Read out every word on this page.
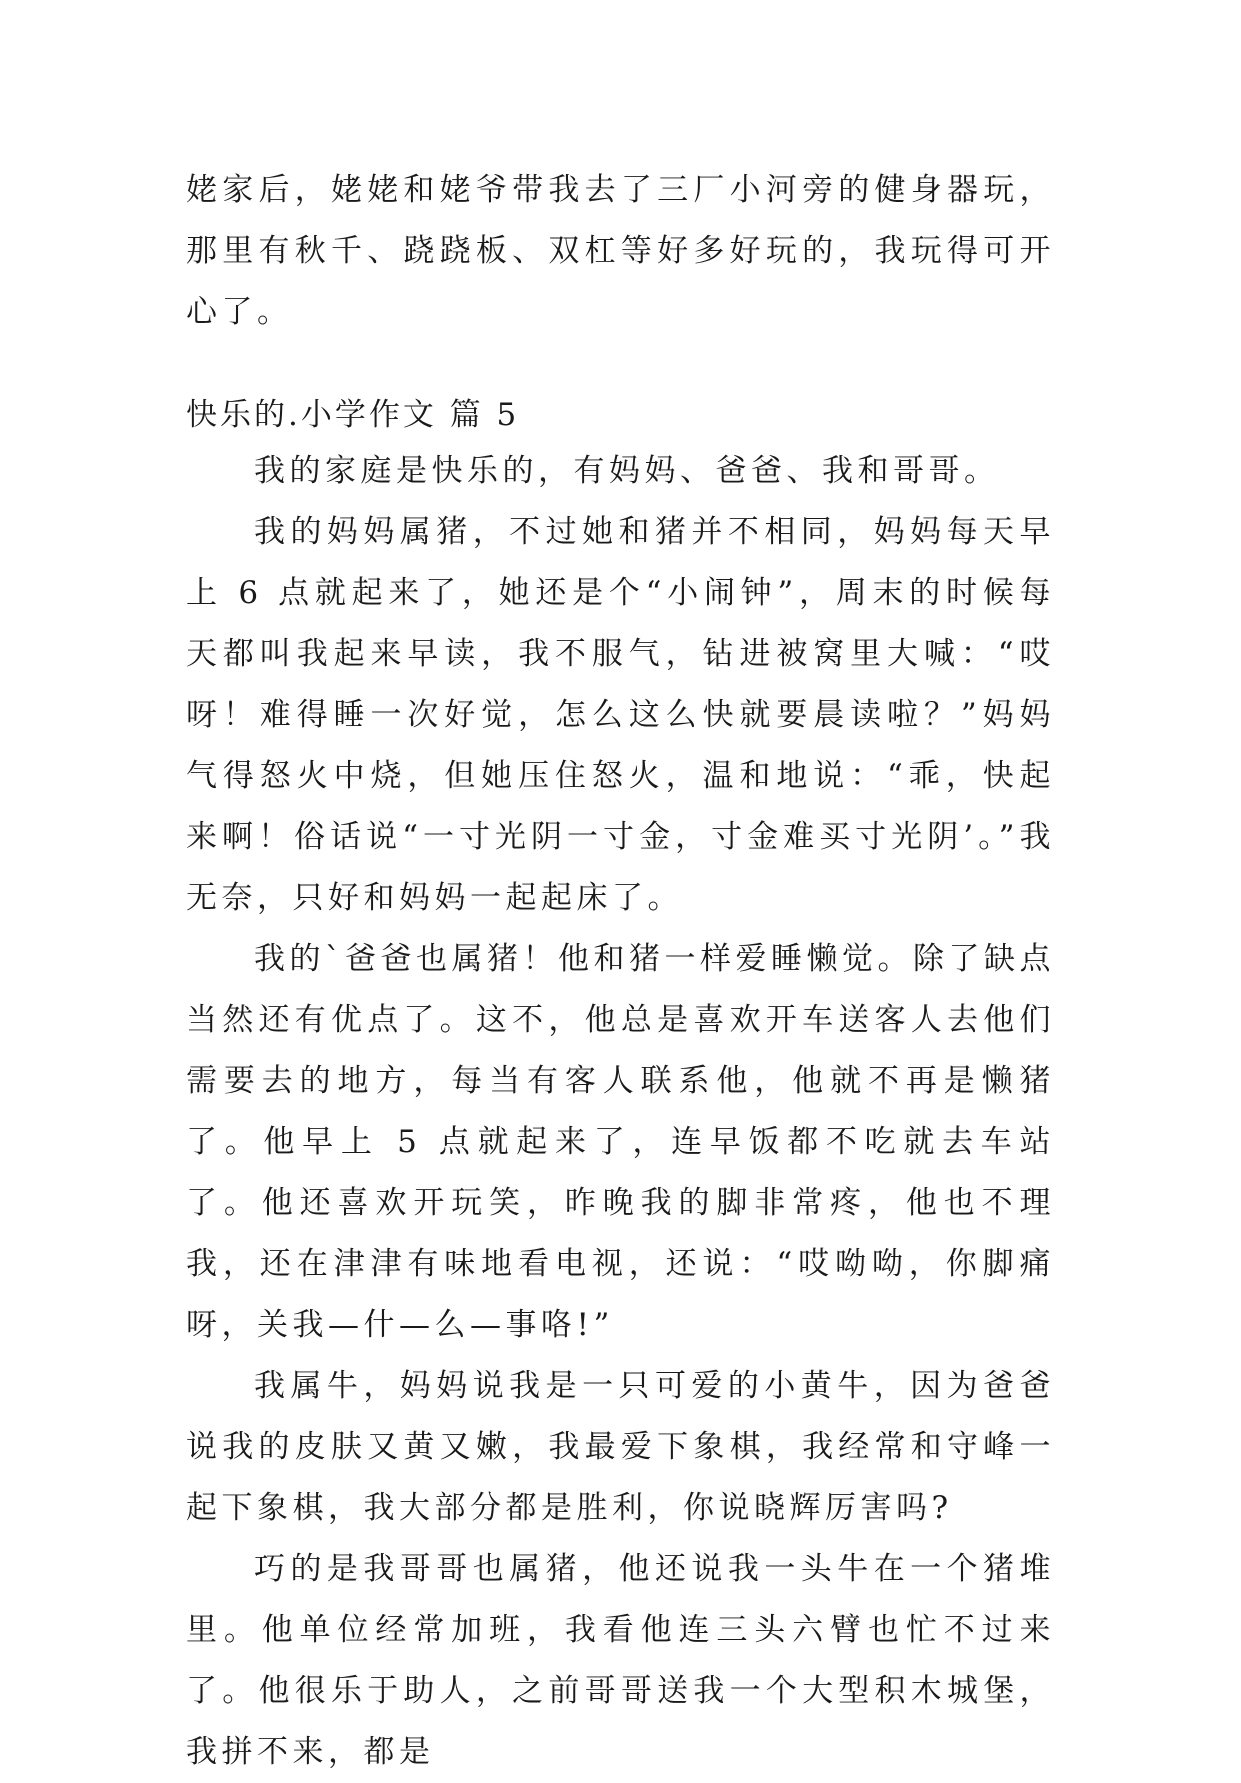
姥家后，姥姥和姥爷带我去了三厂小河旁的健身器玩，那里有秋千、跷跷板、双杠等好多好玩的，我玩得可开心了。

快乐的.小学作文 篇 5

我的家庭是快乐的，有妈妈、爸爸、我和哥哥。

我的妈妈属猪，不过她和猪并不相同，妈妈每天早上 6 点就起来了，她还是个“小闹钟”，周末的时候每天都叫我起来早读，我不服气，钻进被窝里大喊：“哎呀！难得睡一次好觉，怎么这么快就要晨读啦？”妈妈气得怒火中烧，但她压住怒火，温和地说：“乖，快起来啊！俗话说“一寸光阴一寸金，寸金难买寸光阴’。”我无奈，只好和妈妈一起起床了。

我的`爸爸也属猪！他和猪一样爱睡懒觉。除了缺点当然还有优点了。这不，他总是喜欢开车送客人去他们需要去的地方，每当有客人联系他，他就不再是懒猪了。他早上 5 点就起来了，连早饭都不吃就去车站了。他还喜欢开玩笑，昨晚我的脚非常疼，他也不理我，还在津津有味地看电视，还说：“哎呦呦，你脚痛呀，关我—什—么—事咯!”

我属牛，妈妈说我是一只可爱的小黄牛，因为爸爸说我的皮肤又黄又嫩，我最爱下象棋，我经常和守峰一起下象棋，我大部分都是胜利，你说晓辉厉害吗?

巧的是我哥哥也属猪，他还说我一头牛在一个猪堆里。他单位经常加班，我看他连三头六臂也忙不过来了。他很乐于助人，之前哥哥送我一个大型积木城堡，我拼不来，都是
